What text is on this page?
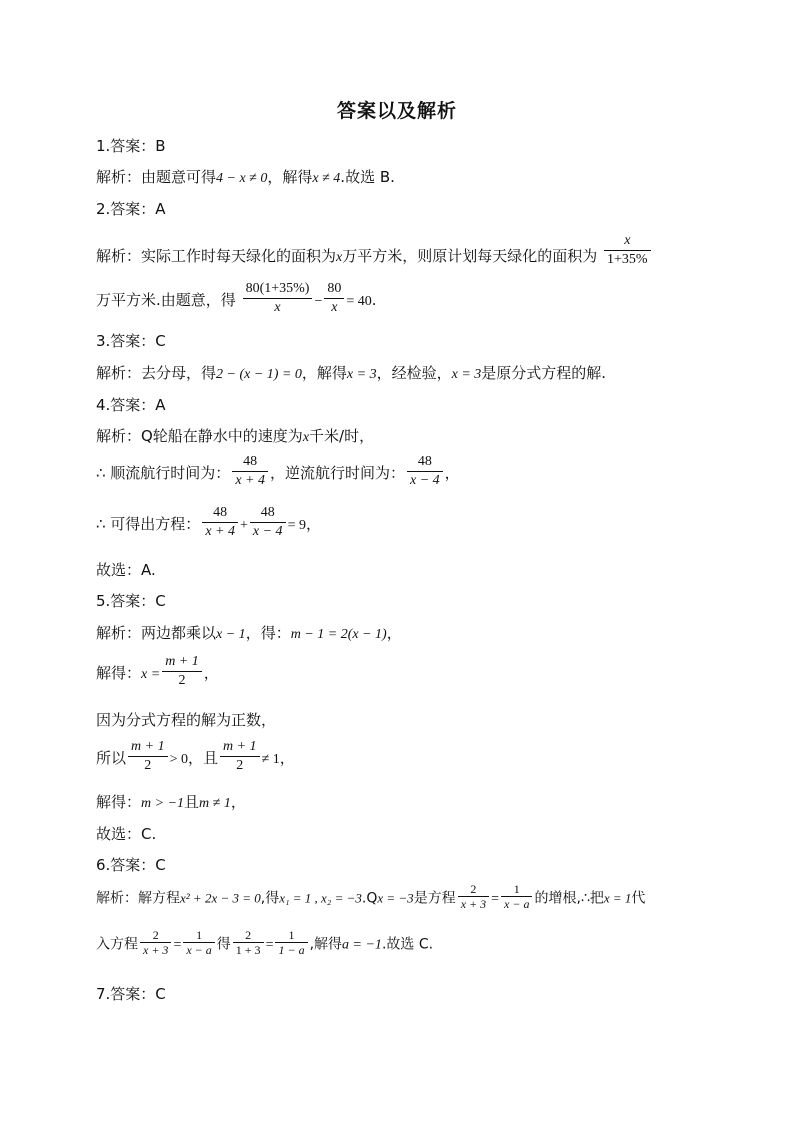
答案以及解析
1.答案：B
解析：由题意可得4 − x ≠ 0，解得x ≠ 4.故选 B.
2.答案：A
解析：实际工作时每天绿化的面积为x万平方米，则原计划每天绿化的面积为 $\frac{x}{1+35\%}$
万平方米.由题意，得 $\frac{80(1+35\%)}{x} - \frac{80}{x} = 40$.
3.答案：C
解析：去分母，得2 − (x − 1) = 0，解得x = 3，经检验，x = 3是原分式方程的解.
4.答案：A
解析：Q轮船在静水中的速度为x千米/时，
∴ 顺流航行时间为： $\frac{48}{x + 4}$ ，逆流航行时间为： $\frac{48}{x - 4}$ ，
∴ 可得出方程： $\frac{48}{x + 4} + \frac{48}{x - 4} = 9$，
故选：A.
5.答案：C
解析：两边都乘以x − 1，得：m − 1 = 2(x − 1)，
解得：$x = \frac{m + 1}{2}$ ，
因为分式方程的解为正数，
所以 $\frac{m + 1}{2} > 0$，且 $\frac{m + 1}{2} \ne 1$，
解得：m > −1且m ≠ 1，
故选：C.
6.答案：C
解析：解方程x² + 2x − 3 = 0,得x₁ = 1 , x₂ = −3.Qx = −3是方程 $\frac{2}{x + 3} = \frac{1}{x - a}$ 的增根,∴把x = 1代
入方程 $\frac{2}{x + 3} = \frac{1}{x - a}$ 得 $\frac{2}{1 + 3} = \frac{1}{1 - a}$ ,解得a = −1.故选 C.
7.答案：C
